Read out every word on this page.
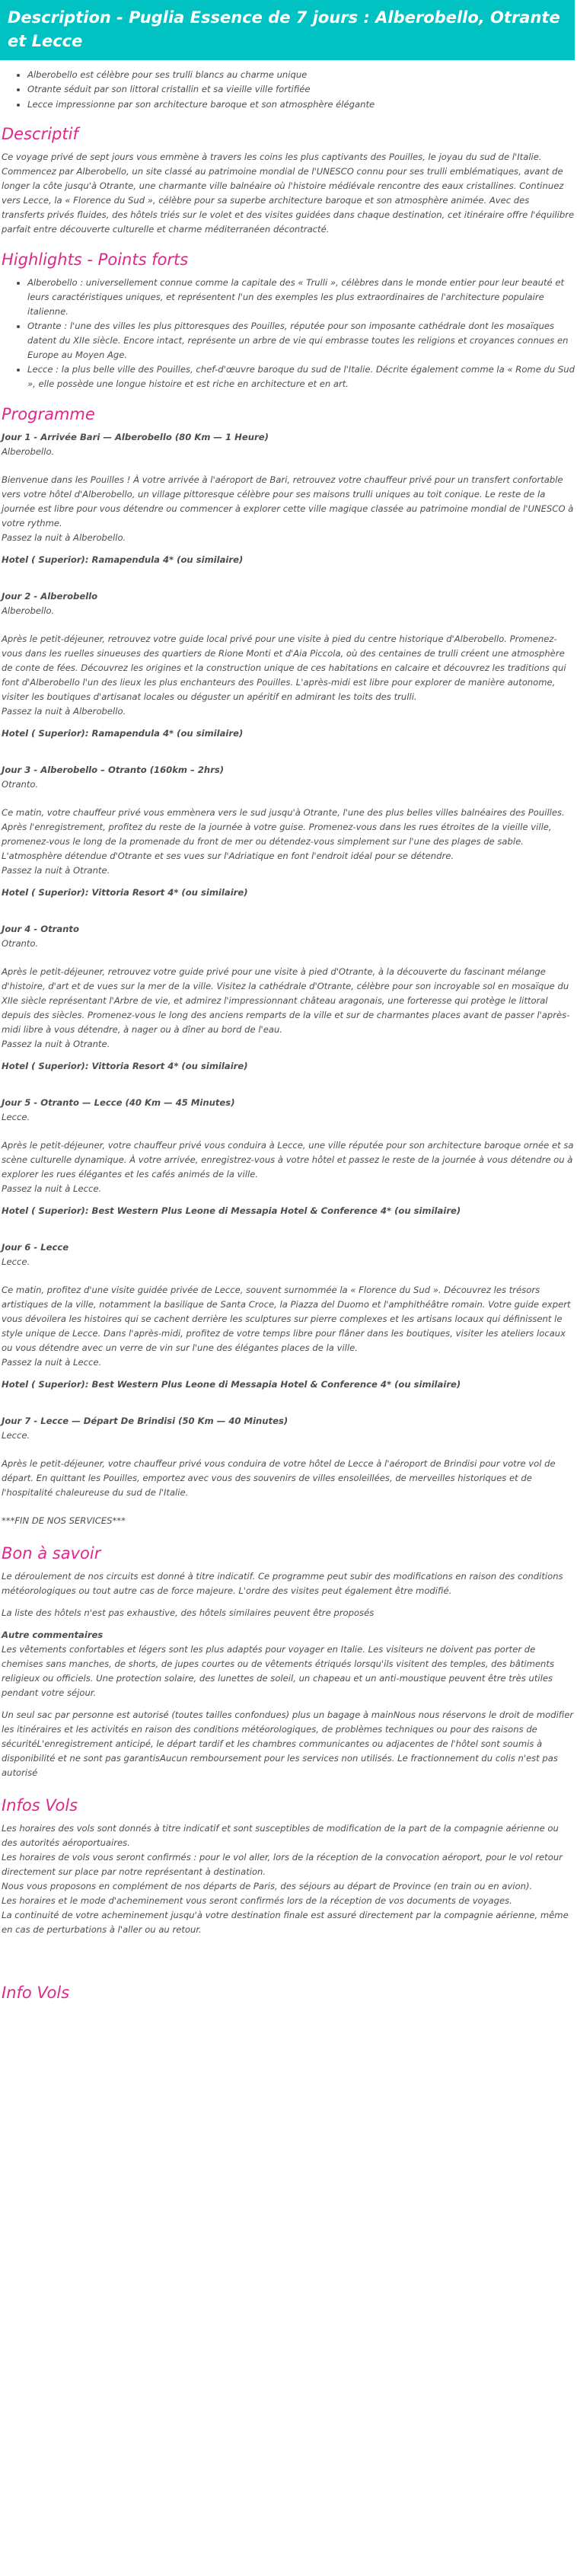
Description - Puglia Essence de 7 jours : Alberobello, Otrante et Lecce
• Alberobello est célèbre pour ses trulli blancs au charme unique
• Otrante séduit par son littoral cristallin et sa vieille ville fortifiée
• Lecce impressionne par son architecture baroque et son atmosphère élégante
Descriptif

Ce voyage privé de sept jours vous emmène à travers les coins les plus captivants des Pouilles, le joyau du sud de l'Italie. Commencez par Alberobello, un site classé au patrimoine mondial de l'UNESCO connu pour ses trulli emblématiques, avant de longer la côte jusqu'à Otrante, une charmante ville balnéaire où l'histoire médiévale rencontre des eaux cristallines. Continuez vers Lecce, la « Florence du Sud », célèbre pour sa superbe architecture baroque et son atmosphère animée. Avec des transferts privés fluides, des hôtels triés sur le volet et des visites guidées dans chaque destination, cet itinéraire offre l'équilibre parfait entre découverte culturelle et charme méditerranéen décontracté.

Highlights - Points forts
• Alberobello : universellement connue comme la capitale des « Trulli », célèbres dans le monde entier pour leur beauté et leurs caractéristiques uniques, et représentent l'un des exemples les plus extraordinaires de l'architecture populaire italienne.
• Otrante : l'une des villes les plus pittoresques des Pouilles, réputée pour son imposante cathédrale dont les mosaïques datent du XIIe siècle. Encore intact, représente un arbre de vie qui embrasse toutes les religions et croyances connues en Europe au Moyen Age.
• Lecce : la plus belle ville des Pouilles, chef-d'œuvre baroque du sud de l'Italie. Décrite également comme la « Rome du Sud », elle possède une longue histoire et est riche en architecture et en art.
Programme

Jour 1 - Arrivée Bari — Alberobello (80 Km — 1 Heure)

Alberobello.

Bienvenue dans les Pouilles ! À votre arrivée à l'aéroport de Bari, retrouvez votre chauffeur privé pour un transfert confortable vers votre hôtel d'Alberobello, un village pittoresque célèbre pour ses maisons trulli uniques au toit conique. Le reste de la journée est libre pour vous détendre ou commencer à explorer cette ville magique classée au patrimoine mondial de l'UNESCO à votre rythme.

Passez la nuit à Alberobello.

Hotel ( Superior): Ramapendula 4* (ou similaire)

Jour 2 - Alberobello

Alberobello.

Après le petit-déjeuner, retrouvez votre guide local privé pour une visite à pied du centre historique d'Alberobello. Promenez-vous dans les ruelles sinueuses des quartiers de Rione Monti et d'Aia Piccola, où des centaines de trulli créent une atmosphère de conte de fées. Découvrez les origines et la construction unique de ces habitations en calcaire et découvrez les traditions qui font d'Alberobello l'un des lieux les plus enchanteurs des Pouilles. L'après-midi est libre pour explorer de manière autonome, visiter les boutiques d'artisanat locales ou déguster un apéritif en admirant les toits des trulli.

Passez la nuit à Alberobello.

Hotel ( Superior): Ramapendula 4* (ou similaire)

Jour 3 - Alberobello – Otranto (160km – 2hrs)

Otranto.

Ce matin, votre chauffeur privé vous emmènera vers le sud jusqu'à Otrante, l'une des plus belles villes balnéaires des Pouilles. Après l'enregistrement, profitez du reste de la journée à votre guise. Promenez-vous dans les rues étroites de la vieille ville, promenez-vous le long de la promenade du front de mer ou détendez-vous simplement sur l'une des plages de sable. L'atmosphère détendue d'Otrante et ses vues sur l'Adriatique en font l'endroit idéal pour se détendre.

Passez la nuit à Otrante.

Hotel ( Superior): Vittoria Resort 4* (ou similaire)

Jour 4 - Otranto

Otranto.

Après le petit-déjeuner, retrouvez votre guide privé pour une visite à pied d'Otrante, à la découverte du fascinant mélange d'histoire, d'art et de vues sur la mer de la ville. Visitez la cathédrale d'Otrante, célèbre pour son incroyable sol en mosaïque du XIIe siècle représentant l'Arbre de vie, et admirez l'impressionnant château aragonais, une forteresse qui protège le littoral depuis des siècles. Promenez-vous le long des anciens remparts de la ville et sur de charmantes places avant de passer l'après-midi libre à vous détendre, à nager ou à dîner au bord de l'eau.

Passez la nuit à Otrante.

Hotel ( Superior): Vittoria Resort 4* (ou similaire)

Jour 5 - Otranto — Lecce (40 Km — 45 Minutes)

Lecce.

Après le petit-déjeuner, votre chauffeur privé vous conduira à Lecce, une ville réputée pour son architecture baroque ornée et sa scène culturelle dynamique. À votre arrivée, enregistrez-vous à votre hôtel et passez le reste de la journée à vous détendre ou à explorer les rues élégantes et les cafés animés de la ville.

Passez la nuit à Lecce.

Hotel ( Superior): Best Western Plus Leone di Messapia Hotel & Conference 4* (ou similaire)

Jour 6 - Lecce

Lecce.

Ce matin, profitez d'une visite guidée privée de Lecce, souvent surnommée la « Florence du Sud ». Découvrez les trésors artistiques de la ville, notamment la basilique de Santa Croce, la Piazza del Duomo et l'amphithéâtre romain. Votre guide expert vous dévoilera les histoires qui se cachent derrière les sculptures sur pierre complexes et les artisans locaux qui définissent le style unique de Lecce. Dans l'après-midi, profitez de votre temps libre pour flâner dans les boutiques, visiter les ateliers locaux ou vous détendre avec un verre de vin sur l'une des élégantes places de la ville.

Passez la nuit à Lecce.

Hotel ( Superior): Best Western Plus Leone di Messapia Hotel & Conference 4* (ou similaire)

Jour 7 - Lecce — Départ De Brindisi (50 Km — 40 Minutes)

Lecce.

Après le petit-déjeuner, votre chauffeur privé vous conduira de votre hôtel de Lecce à l'aéroport de Brindisi pour votre vol de départ. En quittant les Pouilles, emportez avec vous des souvenirs de villes ensoleillées, de merveilles historiques et de l'hospitalité chaleureuse du sud de l'Italie.

***FIN DE NOS SERVICES***

Bon à savoir

Le déroulement de nos circuits est donné à titre indicatif. Ce programme peut subir des modifications en raison des conditions météorologiques ou tout autre cas de force majeure. L'ordre des visites peut également être modifié.

La liste des hôtels n'est pas exhaustive, des hôtels similaires peuvent être proposés

Autre commentaires

Les vêtements confortables et légers sont les plus adaptés pour voyager en Italie. Les visiteurs ne doivent pas porter de chemises sans manches, de shorts, de jupes courtes ou de vêtements étriqués lorsqu'ils visitent des temples, des bâtiments religieux ou officiels. Une protection solaire, des lunettes de soleil, un chapeau et un anti-moustique peuvent être très utiles pendant votre séjour.

Un seul sac par personne est autorisé (toutes tailles confondues) plus un bagage à mainNous nous réservons le droit de modifier les itinéraires et les activités en raison des conditions météorologiques, de problèmes techniques ou pour des raisons de sécuritéL'enregistrement anticipé, le départ tardif et les chambres communicantes ou adjacentes de l'hôtel sont soumis à disponibilité et ne sont pas garantisAucun remboursement pour les services non utilisés. Le fractionnement du colis n'est pas autorisé

Infos Vols

Les horaires des vols sont donnés à titre indicatif et sont susceptibles de modification de la part de la compagnie aérienne ou des autorités aéroportuaires.

Les horaires de vols vous seront confirmés : pour le vol aller, lors de la réception de la convocation aéroport, pour le vol retour directement sur place par notre représentant à destination.

Nous vous proposons en complément de nos départs de Paris, des séjours au départ de Province (en train ou en avion).

Les horaires et le mode d'acheminement vous seront confirmés lors de la réception de vos documents de voyages.

La continuité de votre acheminement jusqu'à votre destination finale est assuré directement par la compagnie aérienne, même en cas de perturbations à l'aller ou au retour.

Info Vols
